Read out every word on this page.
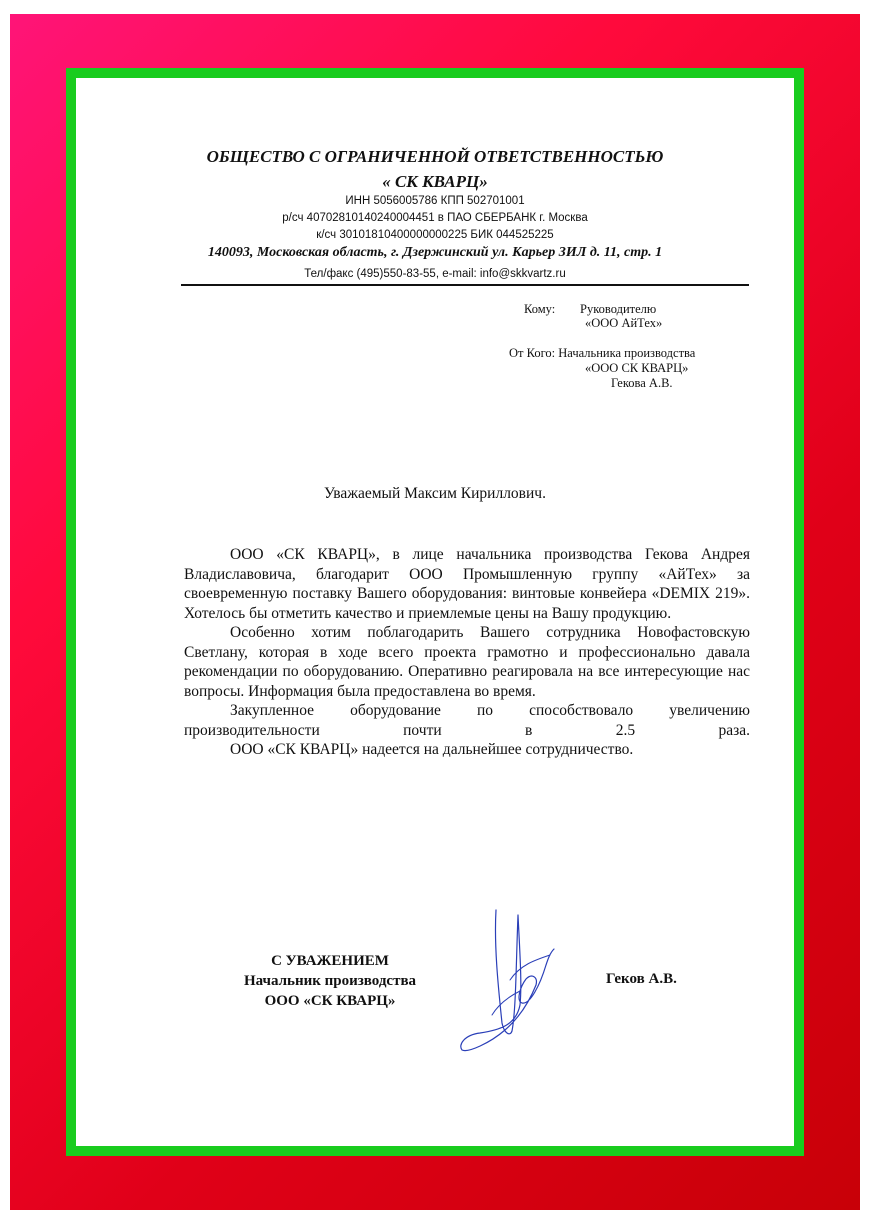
ОБЩЕСТВО С ОГРАНИЧЕННОЙ ОТВЕТСТВЕННОСТЬЮ
« СК КВАРЦ»
ИНН 5056005786 КПП 502701001
р/сч 40702810140240004451 в ПАО СБЕРБАНК г. Москва
к/сч 30101810400000000225 БИК 044525225
140093, Московская область, г. Дзержинский ул. Карьер ЗИЛ д. 11, стр. 1
Тел/факс (495)550-83-55, e-mail: info@skkvartz.ru
Кому: Руководителю
«ООО АйТех»
От Кого: Начальника производства
«ООО СК КВАРЦ»
Гекова А.В.
Уважаемый Максим Кириллович.

ООО «СК КВАРЦ», в лице начальника производства Гекова Андрея Владиславовича, благодарит ООО Промышленную группу «АйТех» за своевременную поставку Вашего оборудования: винтовые конвейера «DEMIX 219». Хотелось бы отметить качество и приемлемые цены на Вашу продукцию.

Особенно хотим поблагодарить Вашего сотрудника Новофастовскую Светлану, которая в ходе всего проекта грамотно и профессионально давала рекомендации по оборудованию. Оперативно реагировала на все интересующие нас вопросы. Информация была предоставлена во время.

Закупленное оборудование по способствовало увеличению производительности почти в 2.5 раза.

ООО «СК КВАРЦ» надеется на дальнейшее сотрудничество.

С УВАЖЕНИЕМ
Начальник производства
ООО «СК КВАРЦ»
Геков А.В.
